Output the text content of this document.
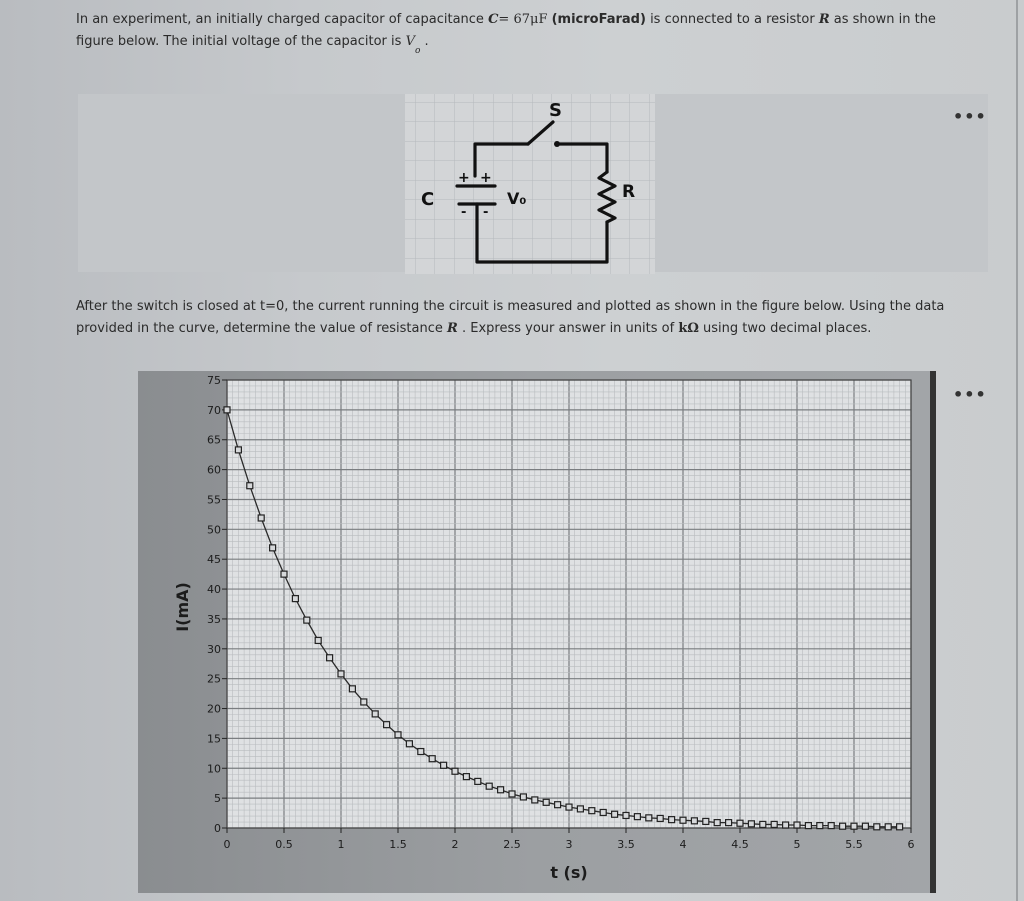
In an experiment, an initially charged capacitor of capacitance C= 67μF (microFarad) is connected to a resistor R as shown in the
figure below. The initial voltage of the capacitor is $V_o$ .
S
C	V₀	R
+ +
- -
•••
After the switch is closed at t=0, the current running the circuit is measured and plotted as shown in the figure below. Using the data provided in the curve, determine the value of resistance R . Express your answer in units of kΩ using two decimal places.
0
5
10
15
20
25
30
35
40
45
50
55
60
65
70
75
0	0.5	1	1.5	2	2.5	3	3.5	4	4.5	5	5.5	6
t (s)
I(mA)
•••
